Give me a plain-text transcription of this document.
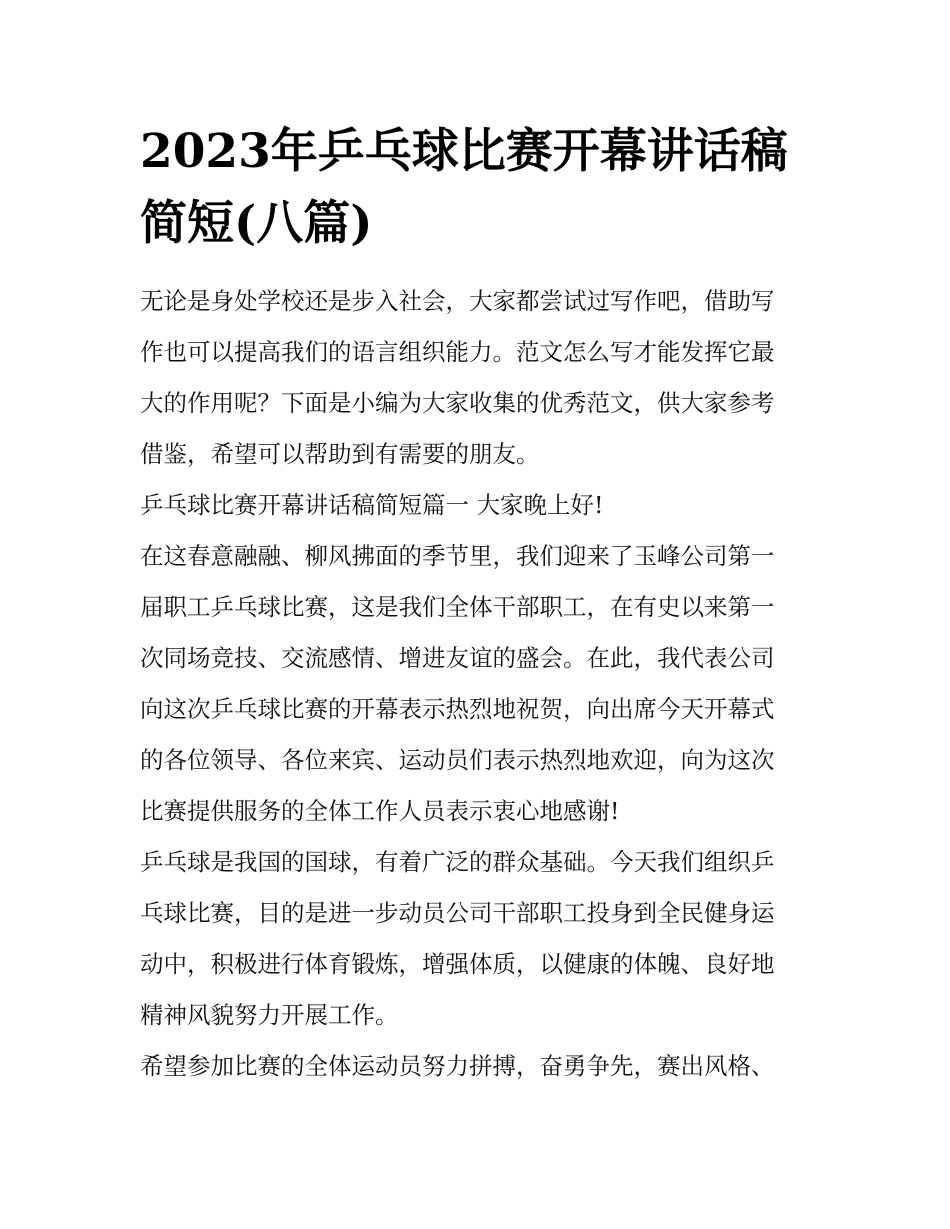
2023年乒乓球比赛开幕讲话稿
简短(八篇)

无论是身处学校还是步入社会，大家都尝试过写作吧，借助写
作也可以提高我们的语言组织能力。范文怎么写才能发挥它最
大的作用呢？下面是小编为大家收集的优秀范文，供大家参考
借鉴，希望可以帮助到有需要的朋友。

乒乓球比赛开幕讲话稿简短篇一 大家晚上好!

在这春意融融、柳风拂面的季节里，我们迎来了玉峰公司第一
届职工乒乓球比赛，这是我们全体干部职工，在有史以来第一
次同场竞技、交流感情、增进友谊的盛会。在此，我代表公司
向这次乒乓球比赛的开幕表示热烈地祝贺，向出席今天开幕式
的各位领导、各位来宾、运动员们表示热烈地欢迎，向为这次
比赛提供服务的全体工作人员表示衷心地感谢!

乒乓球是我国的国球，有着广泛的群众基础。今天我们组织乒
乓球比赛，目的是进一步动员公司干部职工投身到全民健身运
动中，积极进行体育锻炼，增强体质，以健康的体魄、良好地
精神风貌努力开展工作。

希望参加比赛的全体运动员努力拼搏，奋勇争先，赛出风格、
